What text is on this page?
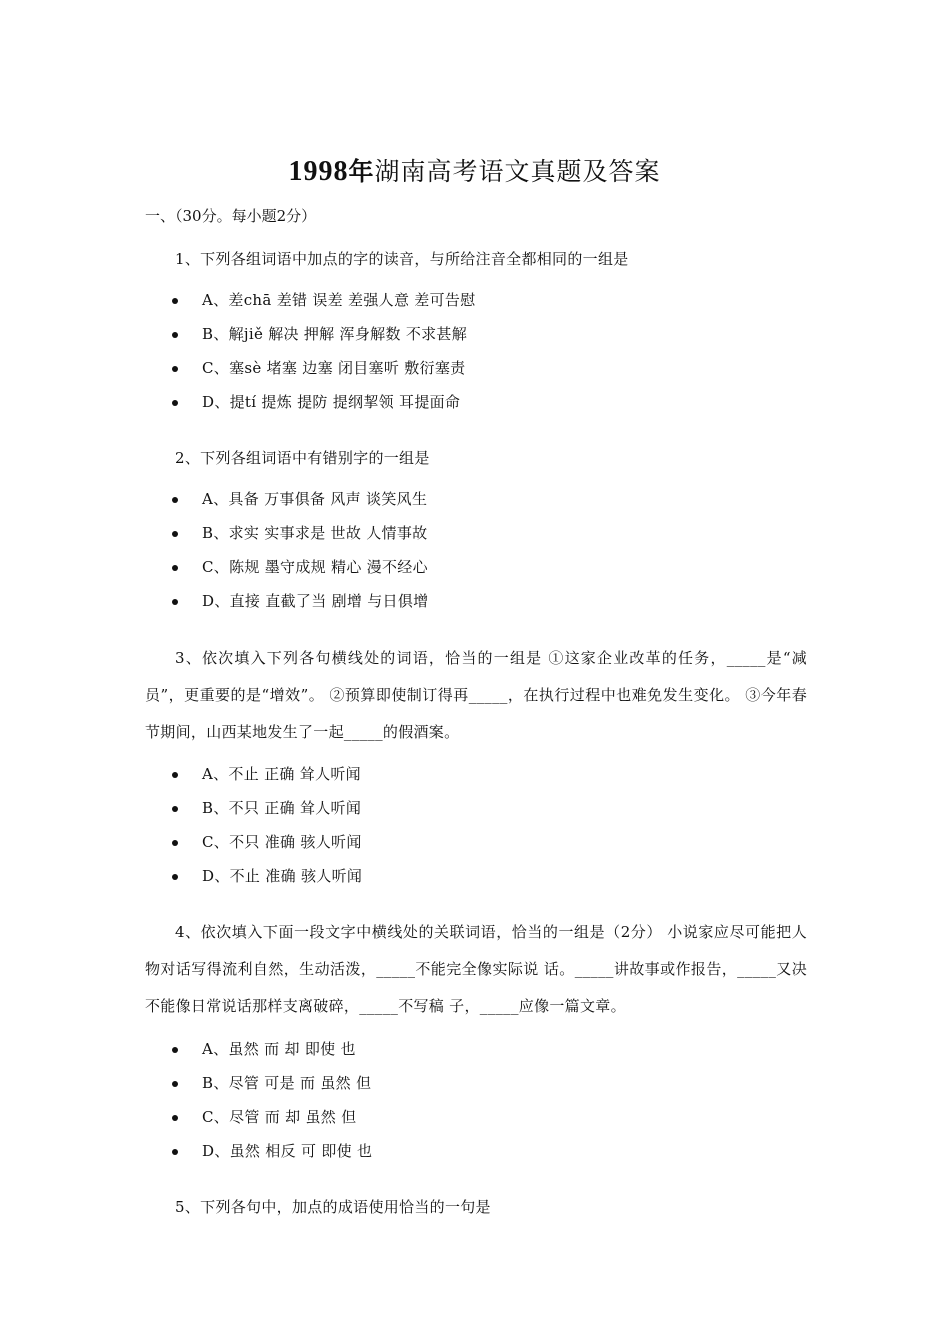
1998年湖南高考语文真题及答案
一、（30分。每小题2分）
1、下列各组词语中加点的字的读音，与所给注音全都相同的一组是
A、差chā 差错 误差 差强人意 差可告慰
B、解jiě 解决 押解 浑身解数 不求甚解
C、塞sè 堵塞 边塞 闭目塞听 敷衍塞责
D、提tí 提炼 提防 提纲挈领 耳提面命
2、下列各组词语中有错别字的一组是
A、具备 万事俱备 风声 谈笑风生
B、求实 实事求是 世故 人情事故
C、陈规 墨守成规 精心 漫不经心
D、直接 直截了当 剧增 与日俱增
3、依次填入下列各句横线处的词语，恰当的一组是 ①这家企业改革的任务，_____是“减员”，更重要的是“增效”。 ②预算即使制订得再_____，在执行过程中也难免发生变化。 ③今年春节期间，山西某地发生了一起_____的假酒案。
A、不止 正确 耸人听闻
B、不只 正确 耸人听闻
C、不只 准确 骇人听闻
D、不止 准确 骇人听闻
4、依次填入下面一段文字中横线处的关联词语，恰当的一组是（2分） 小说家应尽可能把人物对话写得流利自然，生动活泼，_____不能完全像实际说 话。_____讲故事或作报告，_____又决不能像日常说话那样支离破碎，_____不写稿 子，_____应像一篇文章。
A、虽然 而 却 即使 也
B、尽管 可是 而 虽然 但
C、尽管 而 却 虽然 但
D、虽然 相反 可 即使 也
5、下列各句中，加点的成语使用恰当的一句是
